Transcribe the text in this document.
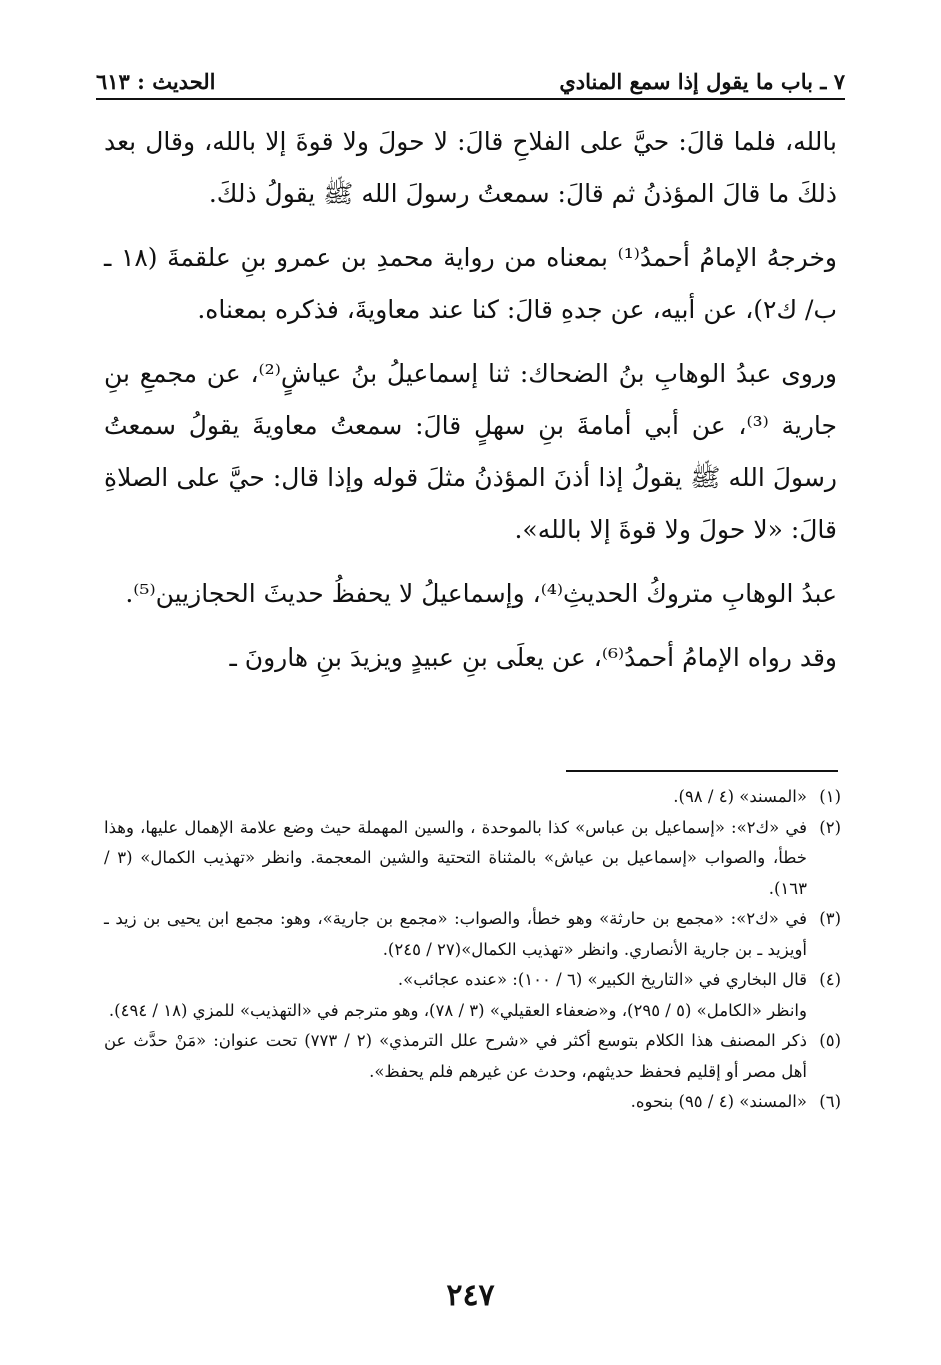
٧ ـ باب ما يقول إذا سمع المنادي
الحديث : ٦١٣

بالله، فلما قالَ: حيَّ على الفلاحِ قالَ: لا حولَ ولا قوةَ إلا بالله، وقال بعد ذلكَ ما قالَ المؤذنُ ثم قالَ: سمعتُ رسولَ الله ﷺ يقولُ ذلكَ.

وخرجهُ الإمامُ أحمدُ⁽¹⁾ بمعناه من رواية محمدِ بن عمرو بنِ علقمةَ (١٨ ـ ب/ ك٢)، عن أبيه، عن جدهِ قالَ: كنا عند معاويةَ، فذكره بمعناه.

وروى عبدُ الوهابِ بنُ الضحاك: ثنا إسماعيلُ بنُ عياشٍ⁽²⁾، عن مجمعِ بنِ جارية ⁽³⁾، عن أبي أمامةَ بنِ سهلٍ قالَ: سمعتُ معاويةَ يقولُ سمعتُ رسولَ الله ﷺ يقولُ إذا أذنَ المؤذنُ مثلَ قوله وإذا قال: حيَّ على الصلاةِ قالَ: «لا حولَ ولا قوةَ إلا بالله».

عبدُ الوهابِ متروكُ الحديثِ⁽⁴⁾، وإسماعيلُ لا يحفظُ حديثَ الحجازيين⁽⁵⁾.

وقد رواه الإمامُ أحمدُ⁽⁶⁾، عن يعلَى بنِ عبيدٍ ويزيدَ بنِ هارونَ ـ

(١)
«المسند» (٤ / ٩٨).

(٢)
في «ك٢»: «إسماعيل بن عباس» كذا بالموحدة ، والسين المهملة حيث وضع علامة الإهمال عليها، وهذا خطأ، والصواب «إسماعيل بن عياش» بالمثناة التحتية والشين المعجمة. وانظر «تهذيب الكمال» (٣ / ١٦٣).

(٣)
في «ك٢»: «مجمع بن حارثة» وهو خطأ، والصواب: «مجمع بن جارية»، وهو: مجمع ابن يحيى بن زيد ـ أويزيد ـ بن جارية الأنصاري. وانظر «تهذيب الكمال»(٢٧ / ٢٤٥).

(٤)
قال البخاري في «التاريخ الكبير» (٦ / ١٠٠): «عنده عجائب».

وانظر «الكامل» (٥ / ٢٩٥)، و«ضعفاء العقيلي» (٣ / ٧٨)، وهو مترجم في «التهذيب» للمزي (١٨ / ٤٩٤).

(٥)
ذكر المصنف هذا الكلام بتوسع أكثر في «شرح علل الترمذي» (٢ / ٧٧٣) تحت عنوان: «مَنْ حدَّث عن أهل مصر أو إقليم فحفظ حديثهم، وحدث عن غيرهم فلم يحفظ».

(٦)
«المسند» (٤ / ٩٥) بنحوه.

٢٤٧
